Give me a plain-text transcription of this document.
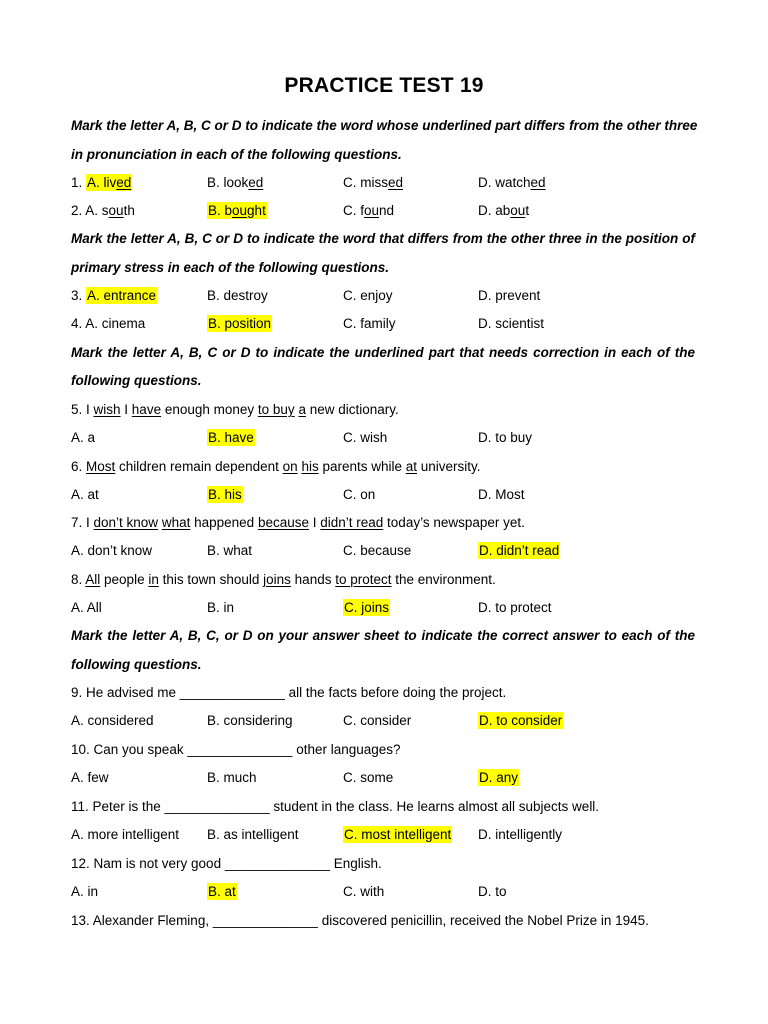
PRACTICE TEST 19
Mark the letter A, B, C or D to indicate the word whose underlined part differs from the other three
in pronunciation in each of the following questions.
1. A. lived	B. looked	C. missed	D. watched
2. A. south	B. bought	C. found	D. about
Mark the letter A, B, C or D to indicate the word that differs from the other three in the position of
primary stress in each of the following questions.
3. A. entrance	B. destroy	C. enjoy	D. prevent
4. A. cinema	B. position	C. family	D. scientist
Mark the letter A, B, C or D to indicate the underlined part that needs correction in each of the
following questions.
5. I wish I have enough money to buy a new dictionary.
A. a	B. have	C. wish	D. to buy
6. Most children remain dependent on his parents while at university.
A. at	B. his	C. on	D. Most
7. I don’t know what happened because I didn’t read today’s newspaper yet.
A. don’t know	B. what	C. because	D. didn’t read
8. All people in this town should joins hands to protect the environment.
A. All	B. in	C. joins	D. to protect
Mark the letter A, B, C, or D on your answer sheet to indicate the correct answer to each of the
following questions.
9. He advised me ______________ all the facts before doing the project.
A. considered	B. considering	C. consider	D. to consider
10. Can you speak ______________ other languages?
A. few	B. much	C. some	D. any
11. Peter is the ______________ student in the class. He learns almost all subjects well.
A. more intelligent B. as intelligent	C. most intelligent D. intelligently
12. Nam is not very good ______________ English.
A. in	B. at	C. with	D. to
13. Alexander Fleming, ______________ discovered penicillin, received the Nobel Prize in 1945.
